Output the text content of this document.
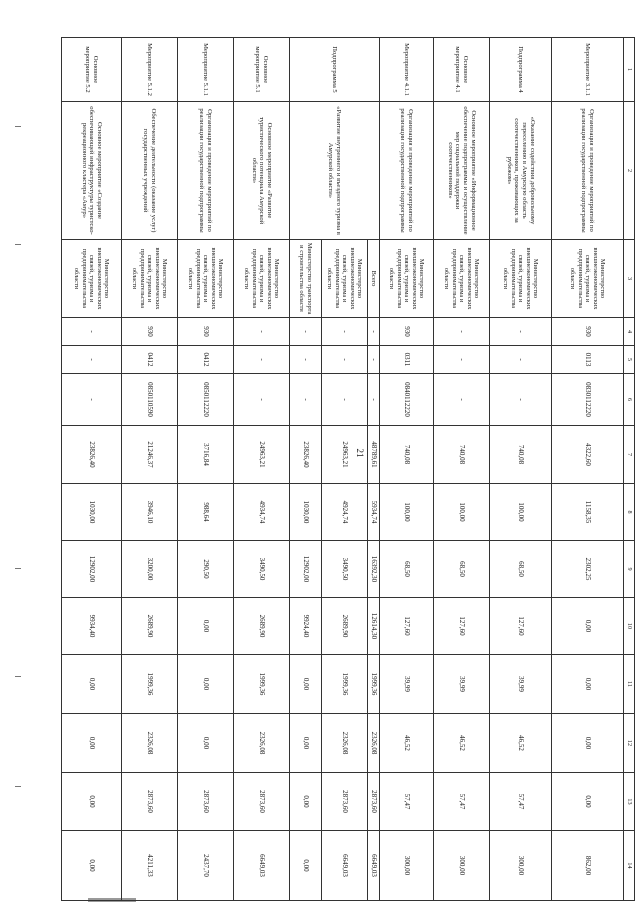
21
1	2	3	4	5	6	7	8	9	10	11	12	13	14
Мероприятие 3.1.1	Организация и проведение мероприятий по реализации государственной подпрограммы	Министерство внешнеэкономических связей, туризма и предпринимательства области	930	0113	0830112220	4322,60	1158,35	2302,25	0,00	0,00	0,00	0,00	862,00
Подпрограмма 4	«Оказание содействия добровольному переселению в Амурскую область соотечественников, проживающих за рубежом»	Министерство внешнеэкономических связей, туризма и предпринимательства области	-	-	-	740,08	100,00	68,50	127,60	39,99	46,52	57,47	300,00
Основное мероприятие 4.1	Основное мероприятие «Информационное обеспечение подпрограммы и осуществление мер социальной поддержки соотечественников»	Министерство внешнеэкономических связей, туризма и предпринимательства области	-	-	-	740,08	100,00	68,50	127,60	39,99	46,52	57,47	300,00
Мероприятие 4.1.1	Организация и проведение мероприятий по реализации государственной подпрограммы	Министерство внешнеэкономических связей, туризма и предпринимательства области	930	0311	0840112220	740,08	100,00	68,50	127,60	39,99	46,52	57,47	300,00
Подпрограмма 5	«Развитие внутреннего и въездного туризма в Амурской области»	Всего	-	-	-	48789,61	5934,74	16392,30	12614,30	1999,36	2326,08	2873,60	6649,03
		Министерство внешнеэкономических связей, туризма и предпринимательства области	-	-	-	24963,21	4924,74	3490,50	2689,90	1999,36	2326,08	2873,60	6649,03
		Министерство транспорта и строительства области	-	-	-	23826,40	1030,00	12902,00	9924,40	0,00	0,00	0,00	0,00
Основное мероприятие 5.1	Основное мероприятие «Развитие туристического потенциала Амурской области»	Министерство внешнеэкономических связей, туризма и предпринимательства области	-	-	-	24963,21	4934,74	3490,50	2689,90	1999,36	2326,08	2873,60	6649,03
Мероприятие 5.1.1	Организация и проведение мероприятий по реализации государственной подпрограммы	Министерство внешнеэкономических связей, туризма и предпринимательства области	930	0412	0850112220	3716,84	988,64	290,50	0,00	0,00	0,00	2873,60	2437,70
Мероприятие 5.1.2	Обеспечение деятельности (оказание услуг) государственных учреждений	Министерство внешнеэкономических связей, туризма и предпринимательства области	930	0412	0850110590	21246,37	3946,10	3200,00	2689,90	1999,36	2326,08	2873,60	4211,33
Основное мероприятие 5.2	Основное мероприятие «Создание обеспечивающей инфраструктуры туристско-рекреационного кластера «Амур»	Министерство внешнеэкономических связей, туризма и предпринимательства области	-	-	-	23826,40	1030,00	12902,00	9934,40	0,00	0,00	0,00	0,00
